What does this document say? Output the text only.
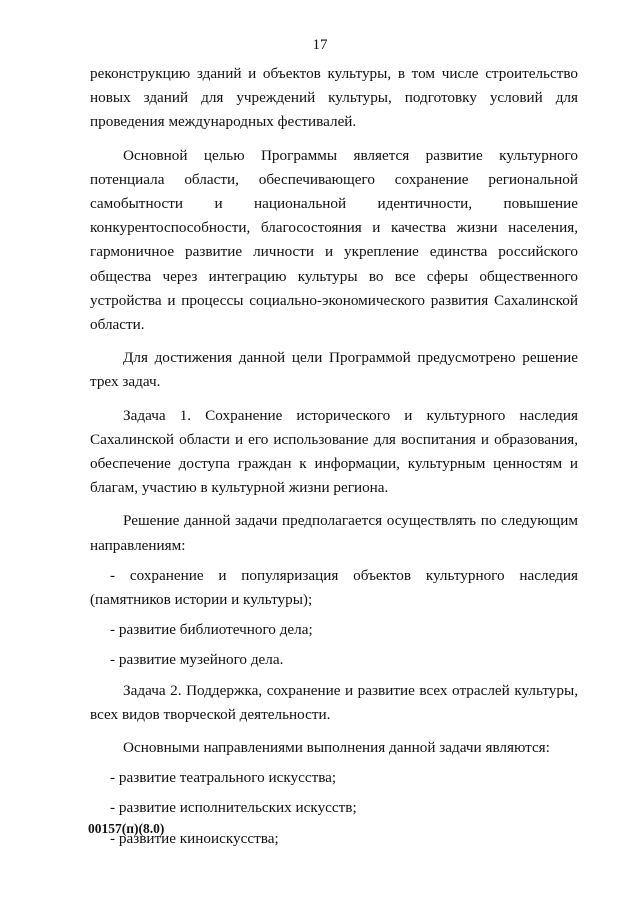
17

реконструкцию зданий и объектов культуры, в том числе строительство новых зданий для учреждений культуры, подготовку условий для проведения международных фестивалей.

Основной целью Программы является развитие культурного потенциала области, обеспечивающего сохранение региональной самобытности и национальной идентичности, повышение конкурентоспособности, благосостояния и качества жизни населения, гармоничное развитие личности и укрепление единства российского общества через интеграцию культуры во все сферы общественного устройства и процессы социально-экономического развития Сахалинской области.

Для достижения данной цели Программой предусмотрено решение трех задач.

Задача 1. Сохранение исторического и культурного наследия Сахалинской области и его использование для воспитания и образования, обеспечение доступа граждан к информации, культурным ценностям и благам, участию в культурной жизни региона.

Решение данной задачи предполагается осуществлять по следующим направлениям:

- сохранение и популяризация объектов культурного наследия (памятников истории и культуры);

- развитие библиотечного дела;

- развитие музейного дела.

Задача 2. Поддержка, сохранение и развитие всех отраслей культуры, всех видов творческой деятельности.

Основными направлениями выполнения данной задачи являются:

- развитие театрального искусства;

- развитие исполнительских искусств;

- развитие киноискусства;

00157(п)(8.0)
